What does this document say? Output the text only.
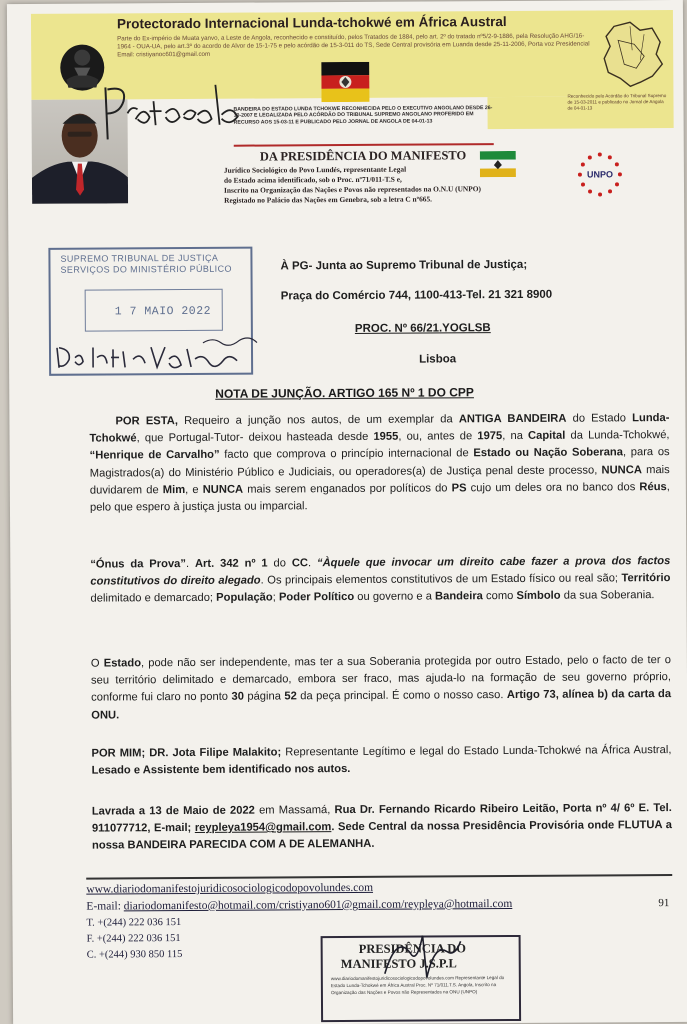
Protectorado Internacional Lunda-tchokwé em África Austral
Parte do Ex-império de Muata yanvo, a Leste de Angola, reconhecido e constituído, pelos Tratados de 1884, pelo art. 2º do tratado nº5/2-9-1886, pela Resolução AHG/16-1964 - OUA-UA, pelo art.3º do acordo de Alvor de 15-1-75 e pelo acórdão de 15-3-011 do TS, Sede Central provisória em Luanda desde 25-11-2006, Porta voz Presidencial Email: cristiyanoc601@gmail.com
Reconhecido pelo Acórdão do Tribunal Supremo de 15-03-2011 e publicado no Jornal de Angola de 04-01-13
BANDEIRA DO ESTADO LUNDA TCHOKWE RECONHECIDA PELO O EXECUTIVO ANGOLANO DESDE 26-10-2007 E LEGALIZADA PELO ACÓRDÃO DO TRIBUNAL SUPREMO ANGOLANO PROFERIDO EM RECURSO AOS 15-03-11 E PUBLICADO PELO JORNAL DE ANGOLA DE 04-01-13
DA PRESIDÊNCIA DO MANIFESTO
Jurídico Sociológico do Povo Lundés, representante Legal
do Estado acima identificado, sob o Proc. nº71/011-T.S e,
Inscrito na Organização das Nações e Povos não representados na O.N.U (UNPO)
Registado no Palácio das Nações em Genebra, sob a letra C nº665.
UNPO
SUPREMO TRIBUNAL DE JUSTIÇA
SERVIÇOS DO MINISTÉRIO PÚBLICO
1 7 MAIO 2022
À PG- Junta ao Supremo Tribunal de Justiça;
Praça do Comércio 744, 1100-413-Tel. 21 321 8900
PROC. Nº 66/21.YOGLSB
Lisboa
NOTA DE JUNÇÃO. ARTIGO 165 Nº 1 DO CPP
POR ESTA, Requeiro a junção nos autos, de um exemplar da ANTIGA BANDEIRA do Estado Lunda-Tchokwé, que Portugal-Tutor- deixou hasteada desde 1955, ou, antes de 1975, na Capital da Lunda-Tchokwé, “Henrique de Carvalho” facto que comprova o princípio internacional de Estado ou Nação Soberana, para os Magistrados(a) do Ministério Público e Judiciais, ou operadores(a) de Justiça penal deste processo, NUNCA mais duvidarem de Mim, e NUNCA mais serem enganados por políticos do PS cujo um deles ora no banco dos Réus, pelo que espero à justiça justa ou imparcial.
“Ónus da Prova”. Art. 342 nº 1 do CC. “Àquele que invocar um direito cabe fazer a prova dos factos constitutivos do direito alegado. Os principais elementos constitutivos de um Estado físico ou real são; Território delimitado e demarcado; População; Poder Político ou governo e a Bandeira como Símbolo da sua Soberania.
O Estado, pode não ser independente, mas ter a sua Soberania protegida por outro Estado, pelo o facto de ter o seu território delimitado e demarcado, embora ser fraco, mas ajuda-lo na formação de seu governo próprio, conforme fui claro no ponto 30 página 52 da peça principal. É como o nosso caso. Artigo 73, alínea b) da carta da ONU.
POR MIM; DR. Jota Filipe Malakito; Representante Legítimo e legal do Estado Lunda-Tchokwé na África Austral, Lesado e Assistente bem identificado nos autos.
Lavrada a 13 de Maio de 2022 em Massamá, Rua Dr. Fernando Ricardo Ribeiro Leitão, Porta nº 4/ 6º E. Tel. 911077712, E-mail; reypleya1954@gmail.com. Sede Central da nossa Presidência Provisória onde FLUTUA a nossa BANDEIRA PARECIDA COM A DE ALEMANHA.
www.diariodomanifestojuridicosociologicodopovolundes.com
E-mail: diariodomanifesto@hotmail.com/cristiyano601@gmail.com/reypleya@hotmail.com
T. +(244) 222 036 151
F. +(244) 222 036 151
C. +(244) 930 850 115
91
PRESIDÊNCIA DO
MANIFESTO J.S.P.L
www.diariodomanifestojuridicosociologicodopovolundes.com Representante Legal do Estado Lunda-Tchokwé em África Austral Proc. Nº 71/011.T.S. Angola, Inscrito na Organização das Nações e Povos não Representados na ONU (UNPO)
